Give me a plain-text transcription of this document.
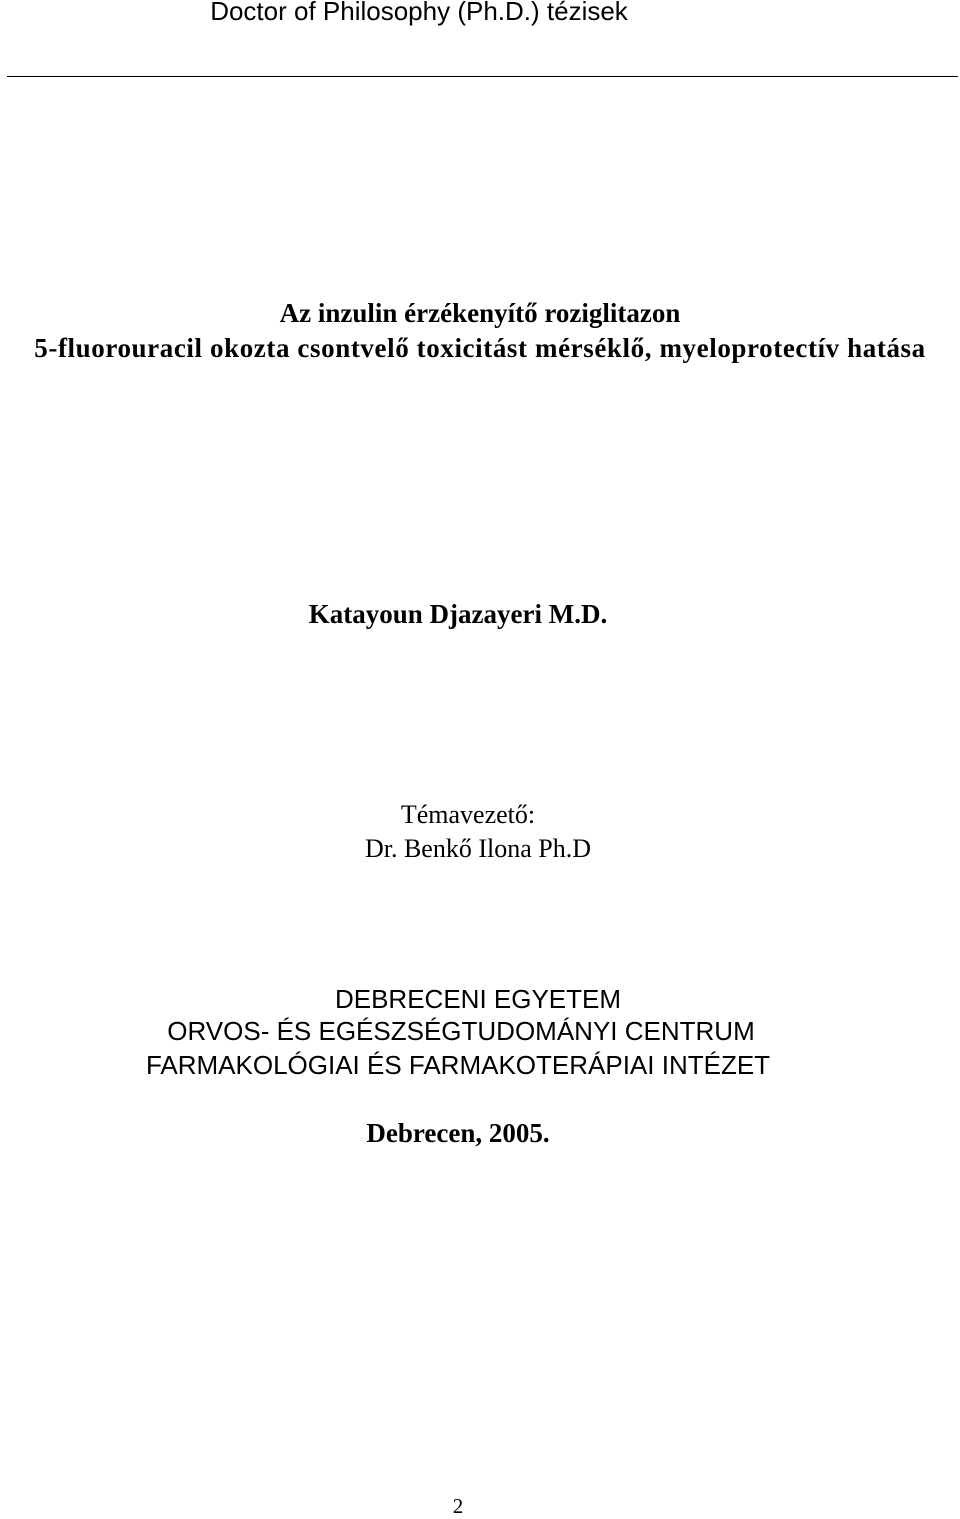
Doctor of Philosophy (Ph.D.) tézisek
Az inzulin érzékenyítő roziglitazon
5-fluorouracil okozta csontvelő toxicitást mérséklő, myeloprotectív hatása
Katayoun Djazayeri M.D.
Témavezető:
Dr. Benkő Ilona Ph.D
DEBRECENI EGYETEM
ORVOS- ÉS EGÉSZSÉGTUDOMÁNYI CENTRUM
FARMAKOLÓGIAI ÉS FARMAKOTERÁPIAI INTÉZET
Debrecen, 2005.
2
